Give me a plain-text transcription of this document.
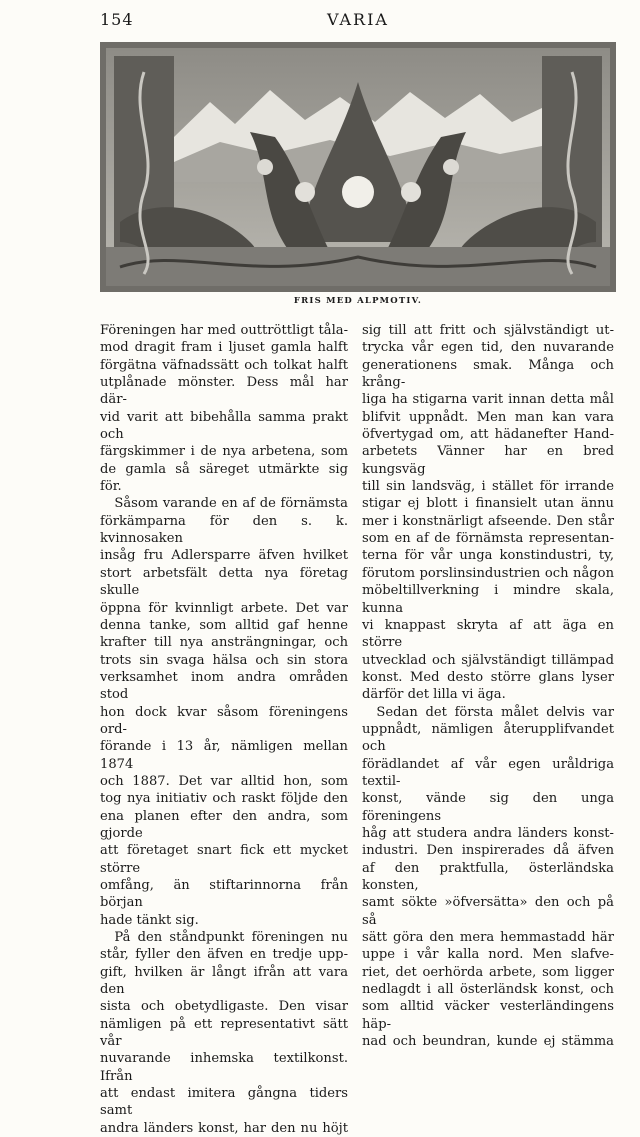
154	VARIA
FRIS MED ALPMOTIV.

Föreningen har med outtröttligt tåla-

mod dragit fram i ljuset gamla halft

förgätna väfnadssätt och tolkat halft

utplånade mönster. Dess mål har där-

vid varit att bibehålla samma prakt och

färgskimmer i de nya arbetena, som

de gamla så säreget utmärkte sig för.

Såsom varande en af de förnämsta

förkämparna för den s. k. kvinnosaken

insåg fru Adlersparre äfven hvilket

stort arbetsfält detta nya företag skulle

öppna för kvinnligt arbete. Det var

denna tanke, som alltid gaf henne

krafter till nya ansträngningar, och

trots sin svaga hälsa och sin stora

verksamhet inom andra områden stod

hon dock kvar såsom föreningens ord-

förande i 13 år, nämligen mellan 1874

och 1887. Det var alltid hon, som

tog nya initiativ och raskt följde den

ena planen efter den andra, som gjorde

att företaget snart fick ett mycket större

omfång, än stiftarinnorna från början

hade tänkt sig.

På den ståndpunkt föreningen nu

står, fyller den äfven en tredje upp-

gift, hvilken är långt ifrån att vara den

sista och obetydligaste. Den visar

nämligen på ett representativt sätt vår

nuvarande inhemska textilkonst. Ifrån

att endast imitera gångna tiders samt

andra länders konst, har den nu höjt

sig till att fritt och självständigt ut-

trycka vår egen tid, den nuvarande

generationens smak. Många och krång-

liga ha stigarna varit innan detta mål

blifvit uppnådt. Men man kan vara

öfvertygad om, att hädanefter Hand-

arbetets Vänner har en bred kungsväg

till sin landsväg, i stället för irrande

stigar ej blott i finansielt utan ännu

mer i konstnärligt afseende. Den står

som en af de förnämsta representan-

terna för vår unga konstindustri, ty,

förutom porslinsindustrien och någon

möbeltillverkning i mindre skala, kunna

vi knappast skryta af att äga en större

utvecklad och självständigt tillämpad

konst. Med desto större glans lyser

därför det lilla vi äga.

Sedan det första målet delvis var

uppnådt, nämligen återupplifvandet och

förädlandet af vår egen uråldriga textil-

konst, vände sig den unga föreningens

håg att studera andra länders konst-

industri. Den inspirerades då äfven

af den praktfulla, österländska konsten,

samt sökte »öfversätta» den och på så

sätt göra den mera hemmastadd här

uppe i vår kalla nord. Men slafve-

riet, det oerhörda arbete, som ligger

nedlagdt i all österländsk konst, och

som alltid väcker vesterländingens häp-

nad och beundran, kunde ej stämma
